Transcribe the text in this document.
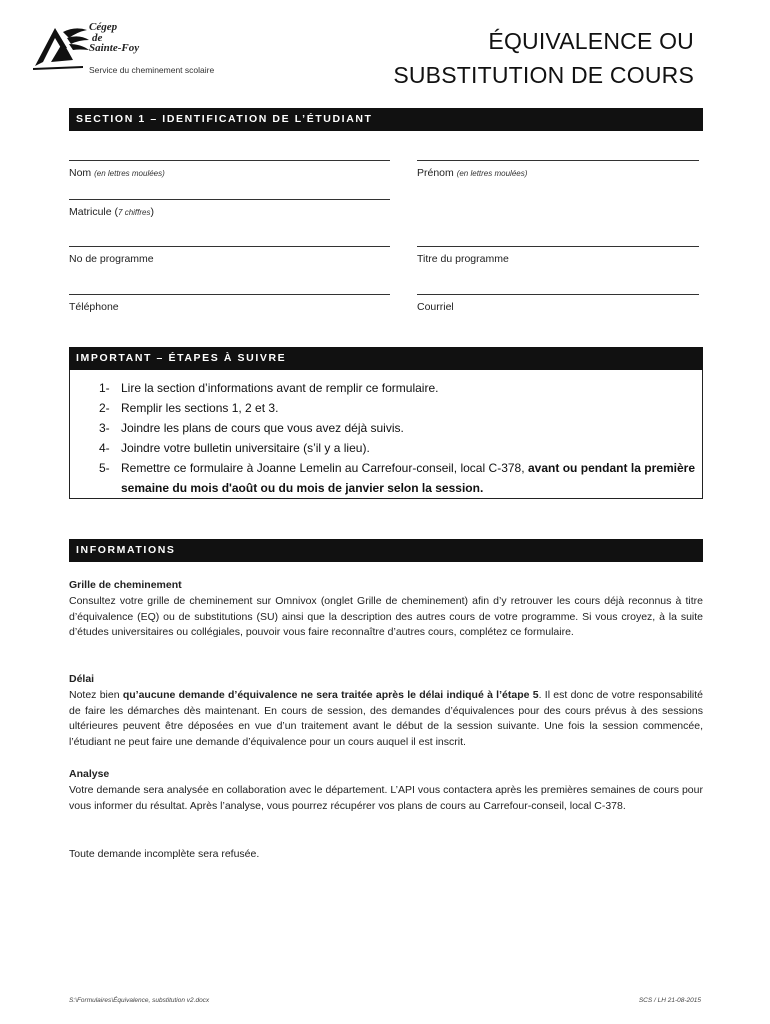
Cégep
de
Sainte-Foy
Service du cheminement scolaire
ÉQUIVALENCE OU
SUBSTITUTION DE COURS
SECTION 1 – IDENTIFICATION DE L’ÉTUDIANT
Nom (en lettres moulées)	Prénom (en lettres moulées)
Matricule (7 chiffres)
No de programme	Titre du programme
Téléphone	Courriel
IMPORTANT – ÉTAPES À SUIVRE
1- Lire la section d’informations avant de remplir ce formulaire.
2- Remplir les sections 1, 2 et 3.
3- Joindre les plans de cours que vous avez déjà suivis.
4- Joindre votre bulletin universitaire (s’il y a lieu).
5- Remettre ce formulaire à Joanne Lemelin au Carrefour-conseil, local C-378, avant ou pendant la première semaine du mois d'août ou du mois de janvier selon la session.
INFORMATIONS
Grille de cheminement

Consultez votre grille de cheminement sur Omnivox (onglet Grille de cheminement) afin d’y retrouver les cours déjà reconnus à titre d’équivalence (EQ) ou de substitutions (SU) ainsi que la description des autres cours de votre programme. Si vous croyez, à la suite d’études universitaires ou collégiales, pouvoir vous faire reconnaître d’autres cours, complétez ce formulaire.

Délai

Notez bien qu’aucune demande d’équivalence ne sera traitée après le délai indiqué à l’étape 5. Il est donc de votre responsabilité de faire les démarches dès maintenant. En cours de session, des demandes d’équivalences pour des cours prévus à des sessions ultérieures peuvent être déposées en vue d’un traitement avant le début de la session suivante. Une fois la session commencée, l’étudiant ne peut faire une demande d’équivalence pour un cours auquel il est inscrit.

Analyse

Votre demande sera analysée en collaboration avec le département. L’API vous contactera après les premières semaines de cours pour vous informer du résultat. Après l’analyse, vous pourrez récupérer vos plans de cours au Carrefour-conseil, local C-378.

Toute demande incomplète sera refusée.

S:\Formulaires\Équivalence, substitution v2.docx	SCS / LH 21-08-2015
